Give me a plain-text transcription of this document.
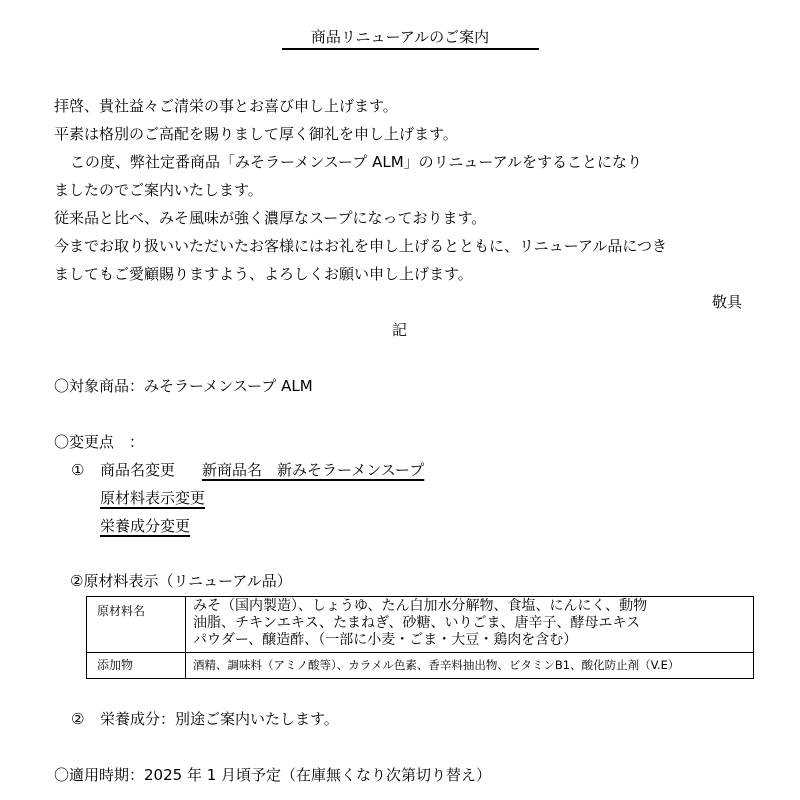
商品リニューアルのご案内
拝啓、貴社益々ご清栄の事とお喜び申し上げます。
平素は格別のご高配を賜りまして厚く御礼を申し上げます。
この度、弊社定番商品「みそラーメンスープ ALM」のリニューアルをすることになり
ましたのでご案内いたします。
従来品と比べ、みそ風味が強く濃厚なスープになっております。
今までお取り扱いいただいたお客様にはお礼を申し上げるとともに、リニューアル品につき
ましてもご愛顧賜りますよう、よろしくお願い申し上げます。
敬具
記
〇対象商品：みそラーメンスープ ALM
〇変更点　：
① 商品名変更 新商品名　新みそラーメンスープ
原材料表示変更
栄養成分変更
②原材料表示（リニューアル品）
原材料名	みそ（国内製造）、しょうゆ、たん白加水分解物、食塩、にんにく、動物
油脂、チキンエキス、たまねぎ、砂糖、いりごま、唐辛子、酵母エキス
パウダー、醸造酢、（一部に小麦・ごま・大豆・鶏肉を含む）
添加物	酒精、調味料（アミノ酸等）、カラメル色素、香辛料抽出物、ビタミンB1、酸化防止剤（V.E）
② 栄養成分：別途ご案内いたします。
〇適用時期：2025 年 1 月頃予定（在庫無くなり次第切り替え）
